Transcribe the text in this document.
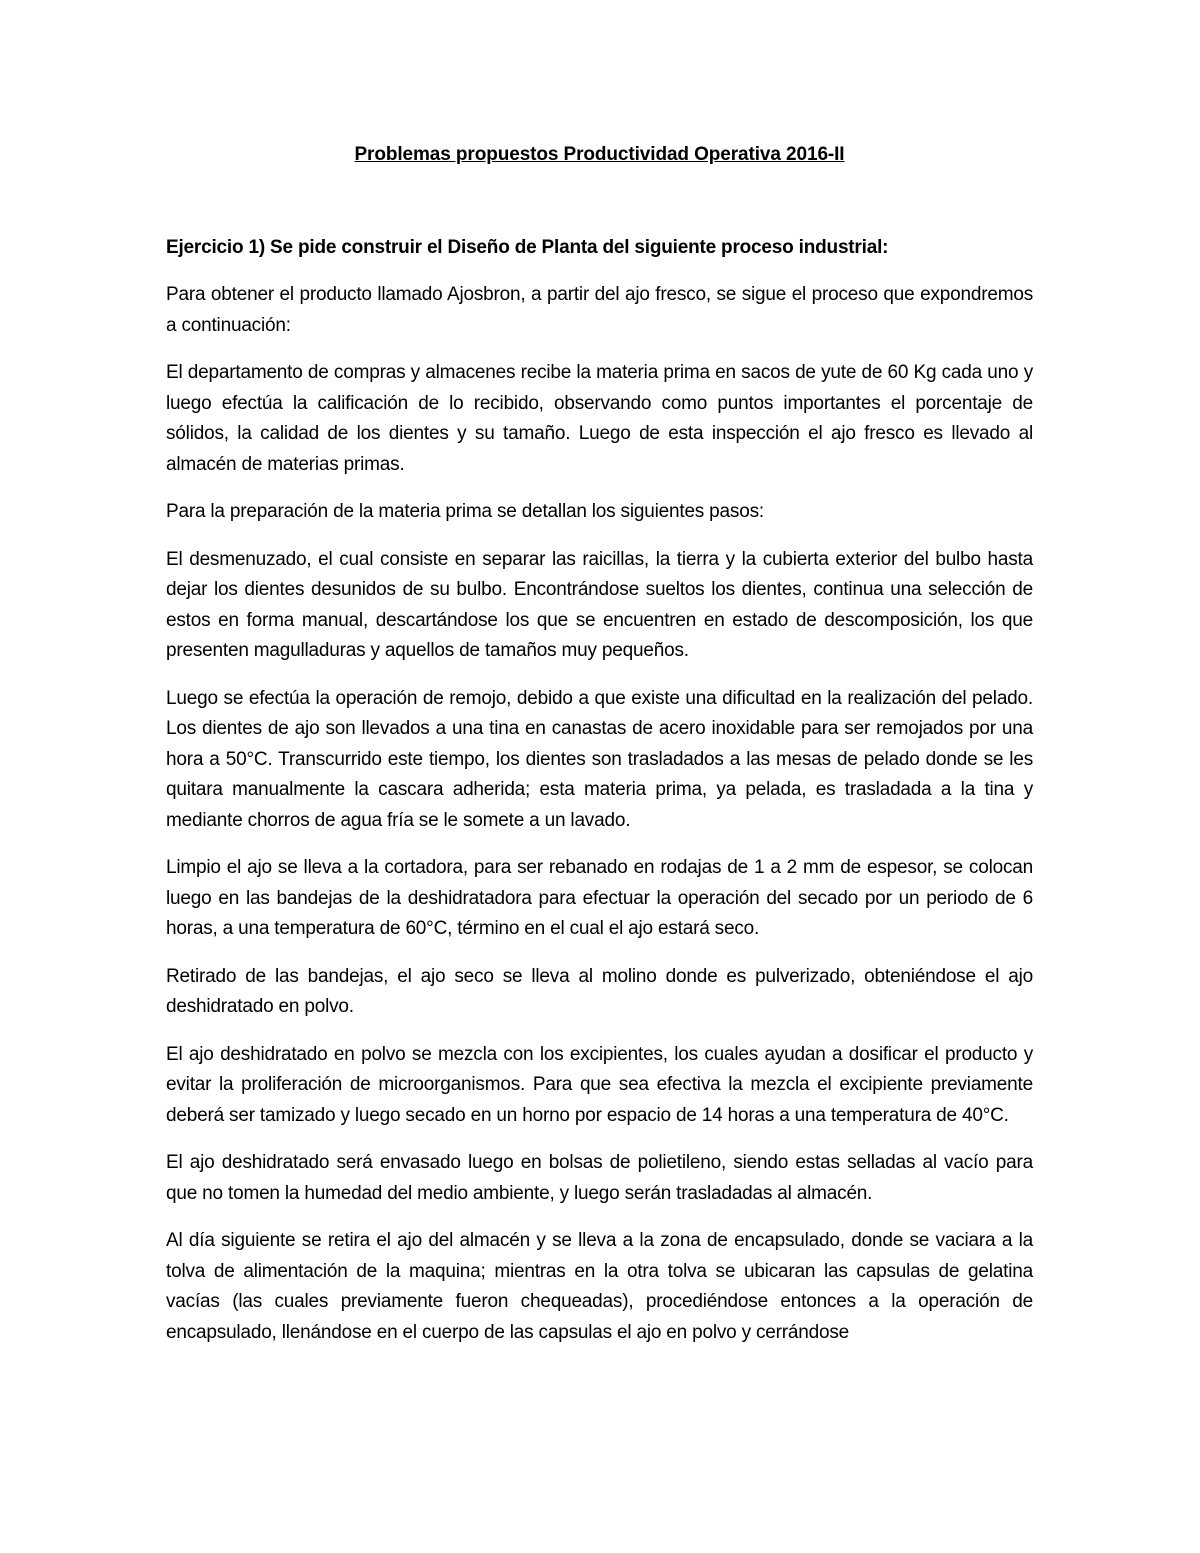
Problemas propuestos Productividad Operativa 2016-II
Ejercicio 1) Se pide construir el Diseño de Planta del siguiente proceso industrial:

Para obtener el producto llamado Ajosbron, a partir del ajo fresco, se sigue el proceso que expondremos a continuación:

El departamento de compras y almacenes recibe la materia prima en sacos de yute de 60 Kg cada uno y luego efectúa la calificación de lo recibido, observando como puntos importantes el porcentaje de sólidos, la calidad de los dientes y su tamaño. Luego de esta inspección el ajo fresco es llevado al almacén de materias primas.

Para la preparación de la materia prima se detallan los siguientes pasos:

El desmenuzado, el cual consiste en separar las raicillas, la tierra y la cubierta exterior del bulbo hasta dejar los dientes desunidos de su bulbo. Encontrándose sueltos los dientes, continua una selección de estos en forma manual, descartándose los que se encuentren en estado de descomposición, los que presenten magulladuras y aquellos de tamaños muy pequeños.

Luego se efectúa la operación de remojo, debido a que existe una dificultad en la realización del pelado. Los dientes de ajo son llevados a una tina en canastas de acero inoxidable para ser remojados por una hora a 50°C. Transcurrido este tiempo, los dientes son trasladados a las mesas de pelado donde se les quitara manualmente la cascara adherida; esta materia prima, ya pelada, es trasladada a la tina y mediante chorros de agua fría se le somete a un lavado.

Limpio el ajo se lleva a la cortadora, para ser rebanado en rodajas de 1 a 2 mm de espesor, se colocan luego en las bandejas de la deshidratadora para efectuar la operación del secado por un periodo de 6 horas, a una temperatura de 60°C, término en el cual el ajo estará seco.

Retirado de las bandejas, el ajo seco se lleva al molino donde es pulverizado, obteniéndose el ajo deshidratado en polvo.

El ajo deshidratado en polvo se mezcla con los excipientes, los cuales ayudan a dosificar el producto y evitar la proliferación de microorganismos. Para que sea efectiva la mezcla el excipiente previamente deberá ser tamizado y luego secado en un horno por espacio de 14 horas a una temperatura de 40°C.

El ajo deshidratado será envasado luego en bolsas de polietileno, siendo estas selladas al vacío para que no tomen la humedad del medio ambiente, y luego serán trasladadas al almacén.

Al día siguiente se retira el ajo del almacén y se lleva a la zona de encapsulado, donde se vaciara a la tolva de alimentación de la maquina; mientras en la otra tolva se ubicaran las capsulas de gelatina vacías (las cuales previamente fueron chequeadas), procediéndose entonces a la operación de encapsulado, llenándose en el cuerpo de las capsulas el ajo en polvo y cerrándose
